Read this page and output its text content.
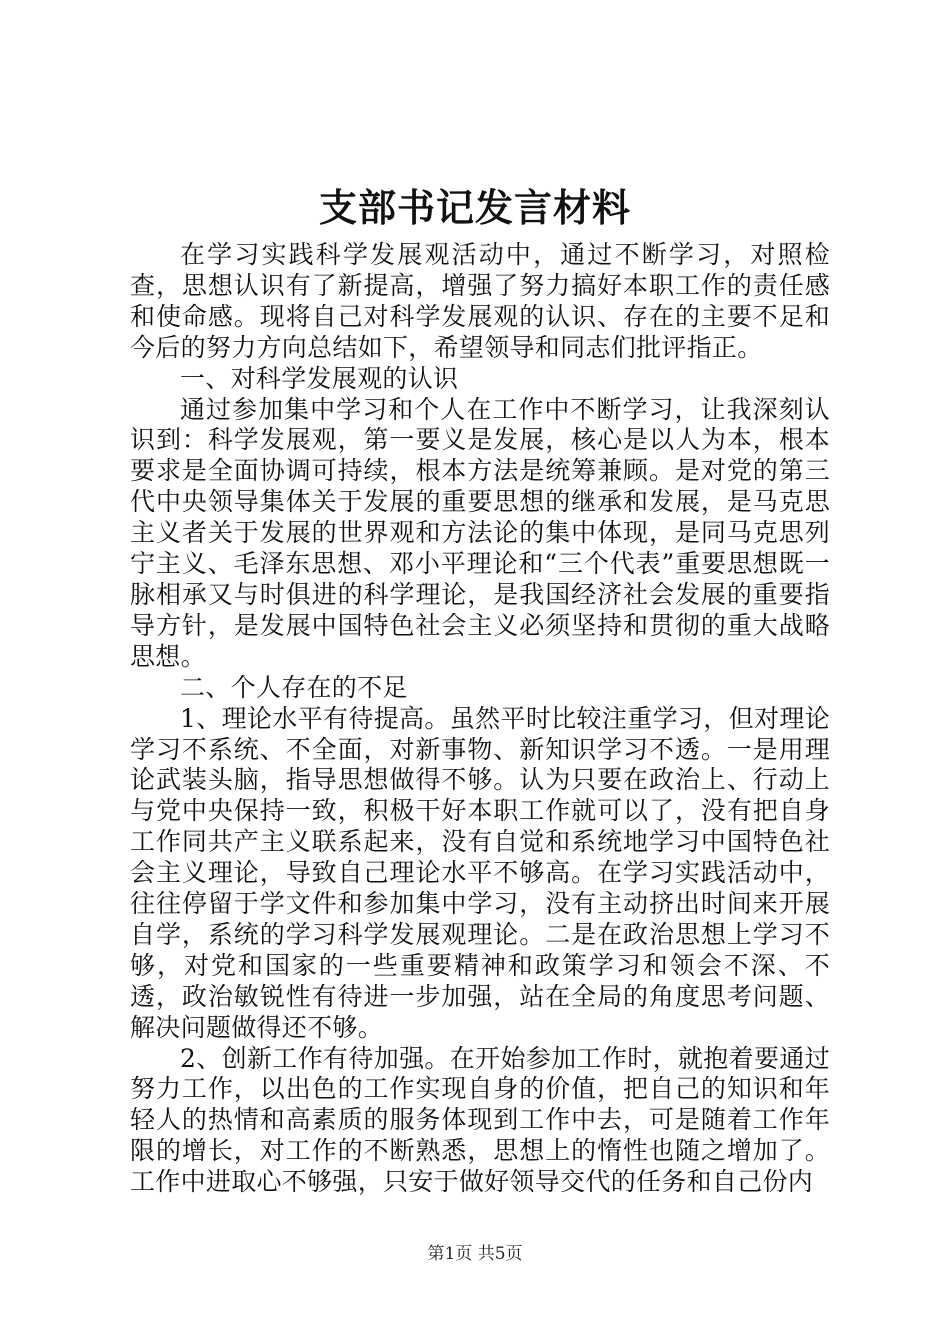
支部书记发言材料

在学习实践科学发展观活动中，通过不断学习，对照检查，思想认识有了新提高，增强了努力搞好本职工作的责任感和使命感。现将自己对科学发展观的认识、存在的主要不足和今后的努力方向总结如下，希望领导和同志们批评指正。

一、对科学发展观的认识

通过参加集中学习和个人在工作中不断学习，让我深刻认识到：科学发展观，第一要义是发展，核心是以人为本，根本要求是全面协调可持续，根本方法是统筹兼顾。是对党的第三代中央领导集体关于发展的重要思想的继承和发展，是马克思主义者关于发展的世界观和方法论的集中体现，是同马克思列宁主义、毛泽东思想、邓小平理论和“三个代表”重要思想既一脉相承又与时俱进的科学理论，是我国经济社会发展的重要指导方针，是发展中国特色社会主义必须坚持和贯彻的重大战略思想。

二、个人存在的不足

1、理论水平有待提高。虽然平时比较注重学习，但对理论学习不系统、不全面，对新事物、新知识学习不透。一是用理论武装头脑，指导思想做得不够。认为只要在政治上、行动上与党中央保持一致，积极干好本职工作就可以了，没有把自身工作同共产主义联系起来，没有自觉和系统地学习中国特色社会主义理论，导致自己理论水平不够高。在学习实践活动中，往往停留于学文件和参加集中学习，没有主动挤出时间来开展自学，系统的学习科学发展观理论。二是在政治思想上学习不够，对党和国家的一些重要精神和政策学习和领会不深、不透，政治敏锐性有待进一步加强，站在全局的角度思考问题、解决问题做得还不够。

2、创新工作有待加强。在开始参加工作时，就抱着要通过努力工作，以出色的工作实现自身的价值，把自己的知识和年轻人的热情和高素质的服务体现到工作中去，可是随着工作年限的增长，对工作的不断熟悉，思想上的惰性也随之增加了。工作中进取心不够强，只安于做好领导交代的任务和自己份内

第1页 共5页
